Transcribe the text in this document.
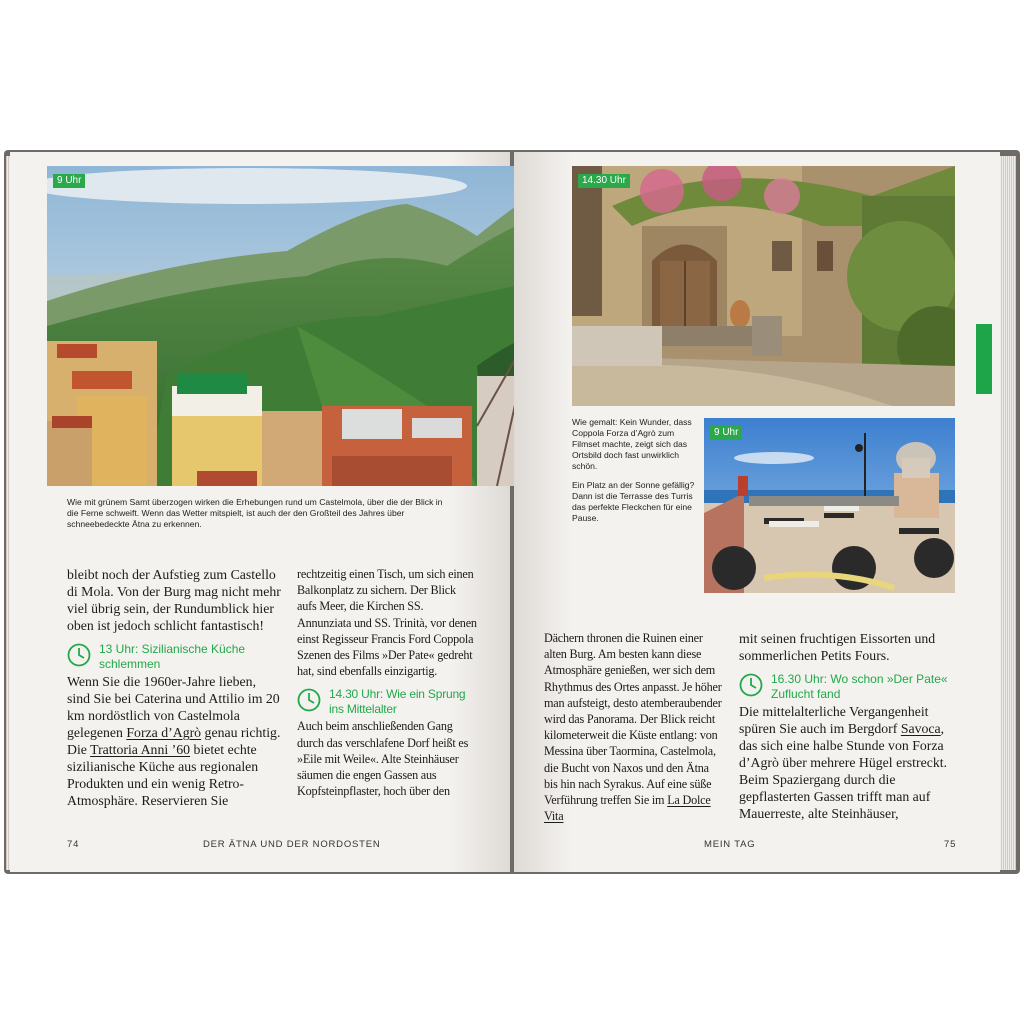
9 Uhr
Wie mit grünem Samt überzogen wirken die Erhebungen rund um Castelmola, über die der Blick in die Ferne schweift. Wenn das Wetter mitspielt, ist auch der den Großteil des Jahres über schneebedeckte Ätna zu erkennen.

bleibt noch der Aufstieg zum Castello di Mola. Von der Burg mag nicht mehr viel übrig sein, der Rundumblick hier oben ist jedoch schlicht fantastisch!

13 Uhr: Sizilianische Küche schlemmen

Wenn Sie die 1960er-Jahre lieben, sind Sie bei Caterina und Attilio im 20 km nordöstlich von Castelmola gelegenen Forza d’Agrò genau richtig. Die Trattoria Anni ’60 bietet echte sizilianische Küche aus regionalen Produkten und ein wenig Retro-Atmosphäre. Reservieren Sie

rechtzeitig einen Tisch, um sich einen Balkonplatz zu sichern. Der Blick aufs Meer, die Kirchen SS. Annunziata und SS. Trinità, vor denen einst Regisseur Francis Ford Coppola Szenen des Films »Der Pate« gedreht hat, sind ebenfalls einzigartig.

14.30 Uhr: Wie ein Sprung ins Mittelalter

Auch beim anschließenden Gang durch das verschlafene Dorf heißt es »Eile mit Weile«. Alte Steinhäuser säumen die engen Gassen aus Kopfsteinpflaster, hoch über den

74	DER ÄTNA UND DER NORDOSTEN
14.30 Uhr
Wie gemalt: Kein Wunder, dass Coppola Forza d’Agrò zum Filmset machte, zeigt sich das Ortsbild doch fast unwirklich schön.
Ein Platz an der Sonne gefällig? Dann ist die Terrasse des Turris das perfekte Fleckchen für eine Pause.
9 Uhr

Dächern thronen die Ruinen einer alten Burg. Am besten kann diese Atmosphäre genießen, wer sich dem Rhythmus des Ortes anpasst. Je höher man aufsteigt, desto atemberaubender wird das Panorama. Der Blick reicht kilometerweit die Küste entlang: von Messina über Taormina, Castelmola, die Bucht von Naxos und den Ätna bis hin nach Syrakus. Auf eine süße Verführung treffen Sie im La Dolce Vita

mit seinen fruchtigen Eissorten und sommerlichen Petits Fours.

16.30 Uhr: Wo schon »Der Pate« Zuflucht fand

Die mittelalterliche Vergangenheit spüren Sie auch im Bergdorf Savoca, das sich eine halbe Stunde von Forza d’Agrò über mehrere Hügel erstreckt. Beim Spaziergang durch die gepflasterten Gassen trifft man auf Mauerreste, alte Steinhäuser,

MEIN TAG	75
